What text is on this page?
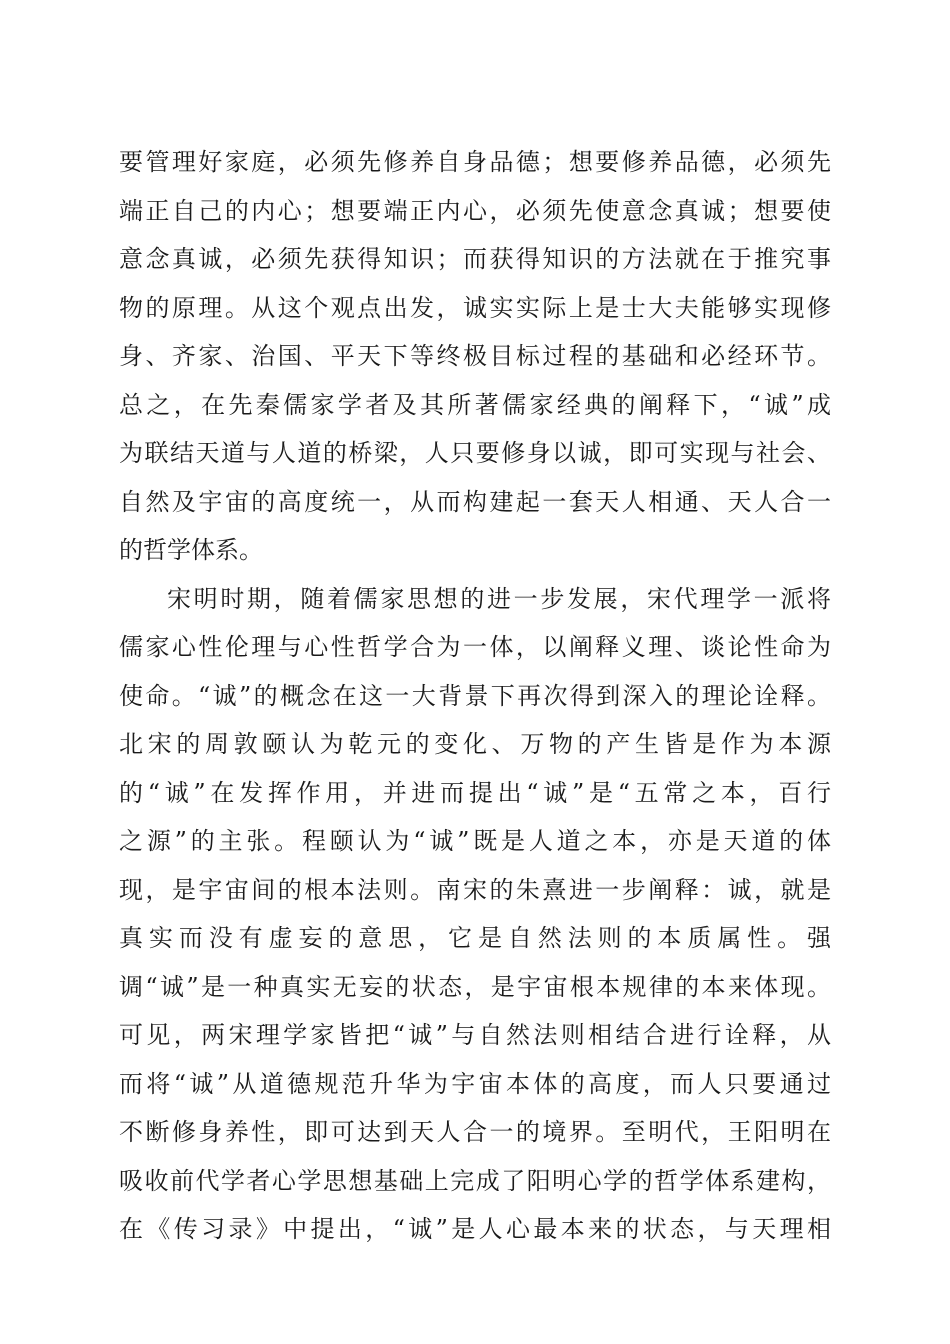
要管理好家庭，必须先修养自身品德；想要修养品德，必须先
端正自己的内心；想要端正内心，必须先使意念真诚；想要使
意念真诚，必须先获得知识；而获得知识的方法就在于推究事
物的原理。从这个观点出发，诚实实际上是士大夫能够实现修
身、齐家、治国、平天下等终极目标过程的基础和必经环节。
总之，在先秦儒家学者及其所著儒家经典的阐释下，“诚”成
为联结天道与人道的桥梁，人只要修身以诚，即可实现与社会、
自然及宇宙的高度统一，从而构建起一套天人相通、天人合一
的哲学体系。
宋明时期，随着儒家思想的进一步发展，宋代理学一派将
儒家心性伦理与心性哲学合为一体，以阐释义理、谈论性命为
使命。“诚”的概念在这一大背景下再次得到深入的理论诠释。
北宋的周敦颐认为乾元的变化、万物的产生皆是作为本源
的“诚”在发挥作用，并进而提出“诚”是“五常之本，百行
之源”的主张。程颐认为“诚”既是人道之本，亦是天道的体
现，是宇宙间的根本法则。南宋的朱熹进一步阐释：诚，就是
真实而没有虚妄的意思，它是自然法则的本质属性。强
调“诚”是一种真实无妄的状态，是宇宙根本规律的本来体现。
可见，两宋理学家皆把“诚”与自然法则相结合进行诠释，从
而将“诚”从道德规范升华为宇宙本体的高度，而人只要通过
不断修身养性，即可达到天人合一的境界。至明代，王阳明在
吸收前代学者心学思想基础上完成了阳明心学的哲学体系建构，
在《传习录》中提出，“诚”是人心最本来的状态，与天理相
